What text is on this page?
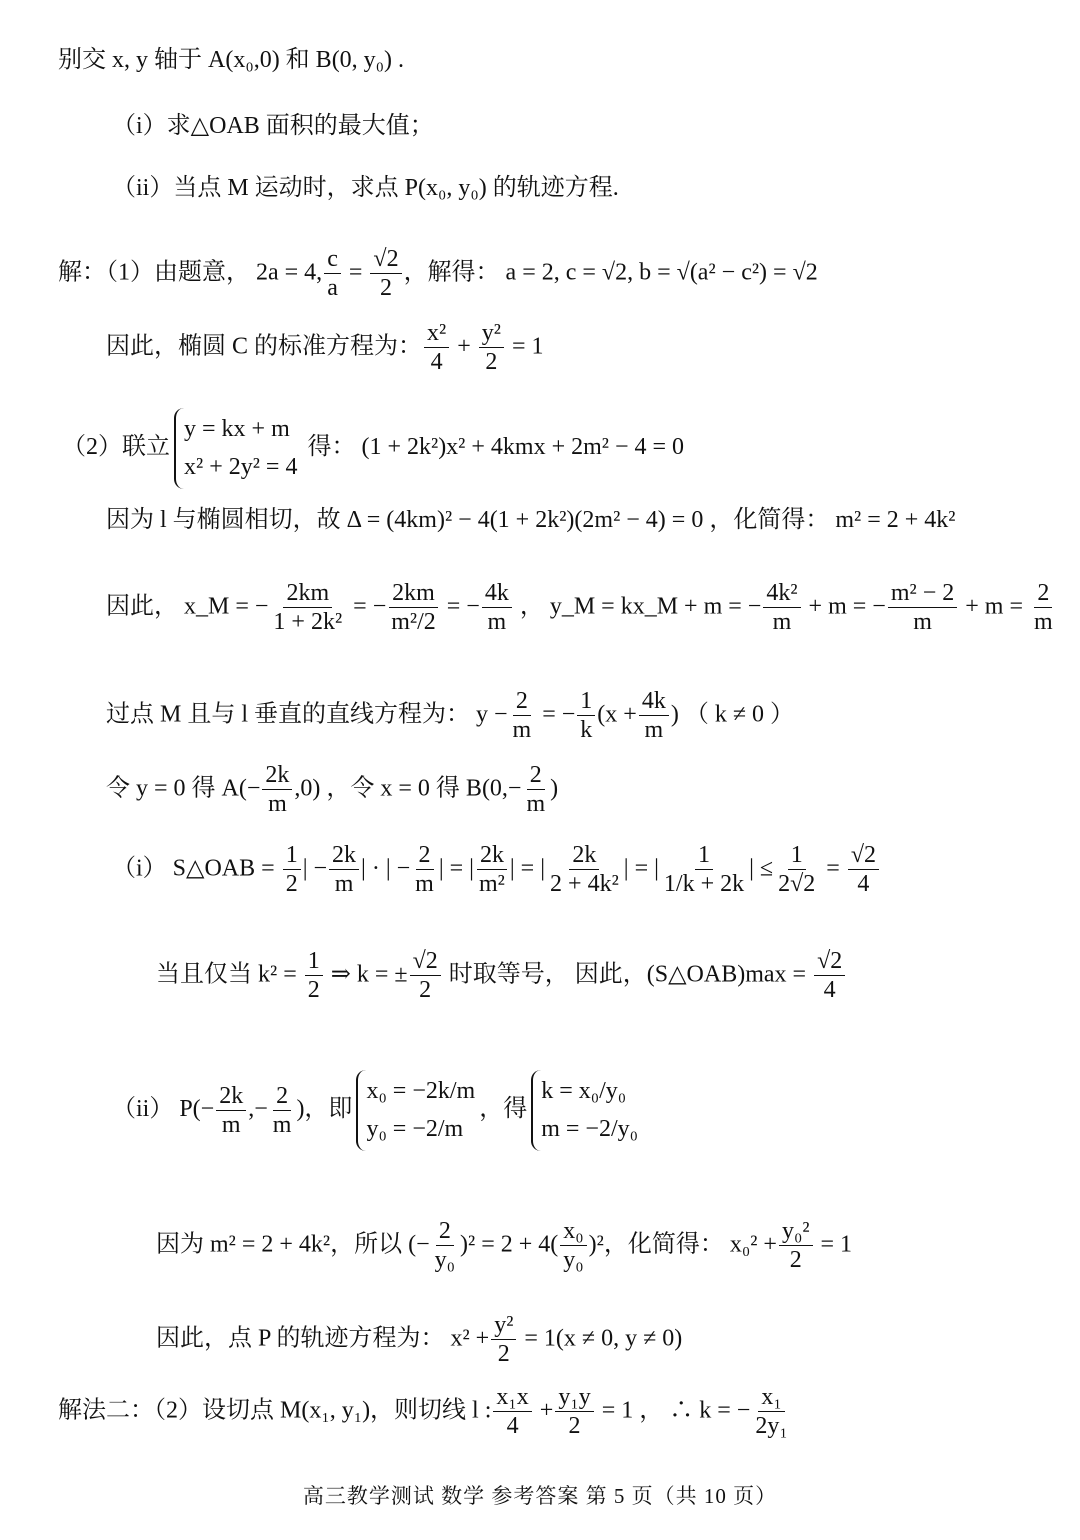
别交 x, y 轴于 A(x₀,0) 和 B(0, y₀) .
（i）求△OAB 面积的最大值；
（ii）当点 M 运动时，求点 P(x₀, y₀) 的轨迹方程.
解：（1）由题意， 2a = 4, $\frac{c}{a} = \frac{√2}{2}$ ，解得： a = 2, c = √2, b = √(a² − c²) = √2
因此，椭圆 C 的标准方程为： $\frac{\text{x²}}{4} + \frac{\text{y²}}{2} = 1$
（2）联立
y = kx + m
x² + 2y² = 4
得： (1 + 2k²)x² + 4kmx + 2m² − 4 = 0
因为 l 与椭圆相切，故 Δ = (4km)² − 4(1 + 2k²)(2m² − 4) = 0 ，化简得： m² = 2 + 4k²
因此， x_M = − $\frac{2km}{\text{1 + 2k²}}$ = − $\frac{2km}{\text{m²/2}}$ = − $\frac{4k}{m}$ ， y_M = kx_M + m = − $\frac{\text{4k²}}{m} + m$ = − $\frac{\text{m² − 2}}{m} + m = \frac{2}{m}$
过点 M 且与 l 垂直的直线方程为： $y - \frac{2}{m}$ = − $\frac{1}{k} (x + \frac{4k}{m}$ ) （ k ≠ 0 ）
令 y = 0 得 $A(- \frac{2k}{m} ,0)$ ，令 x = 0 得 $B(0,- \frac{2}{m}$ )
（i） S△OAB = $\frac{1}{2}$ | − $\frac{2k}{m}$ | · | − $\frac{2}{m}$ | = | $\frac{2k}{\text{m²}}$ | = | $\frac{2k}{\text{2 + 4k²}}$ | = | $\frac{1}{1/k + 2k}$ | ≤ $\frac{1}{2√2} = \frac{√2}{4}$
当且仅当 $k^2 = \frac{1}{2}$ ⇒ k = ± $\frac{√2}{2}$ 时取等号， 因此，(S△OAB)max = $\frac{√2}{4}$
（ii） $P(- \frac{2k}{m}$ ,− $\frac{2}{m}$ )，即
x₀ = −2k/m
y₀ = −2/m
，得
k = x₀/y₀
m = −2/y₀
因为 m² = 2 + 4k²，所以 (− $\frac{2}{\text{y₀}} )^2 = 2 + 4( \frac{\text{x₀}}{\text{y₀}} )^2$，化简得： $x_0^2 + \frac{\text{y₀²}}{2} = 1$
因此，点 P 的轨迹方程为： $x^2 + \frac{\text{y²}}{2} = 1(x \ne 0$, y ≠ 0)
解法二：（2）设切点 M(x₁, y₁)，则切线 l : $\frac{\text{x₁x}}{4} + \frac{\text{y₁y}}{2} = 1$ ， ∴ k = − $\frac{\text{x₁}}{\text{2y₁}}$
高三教学测试 数学 参考答案 第 5 页（共 10 页）
